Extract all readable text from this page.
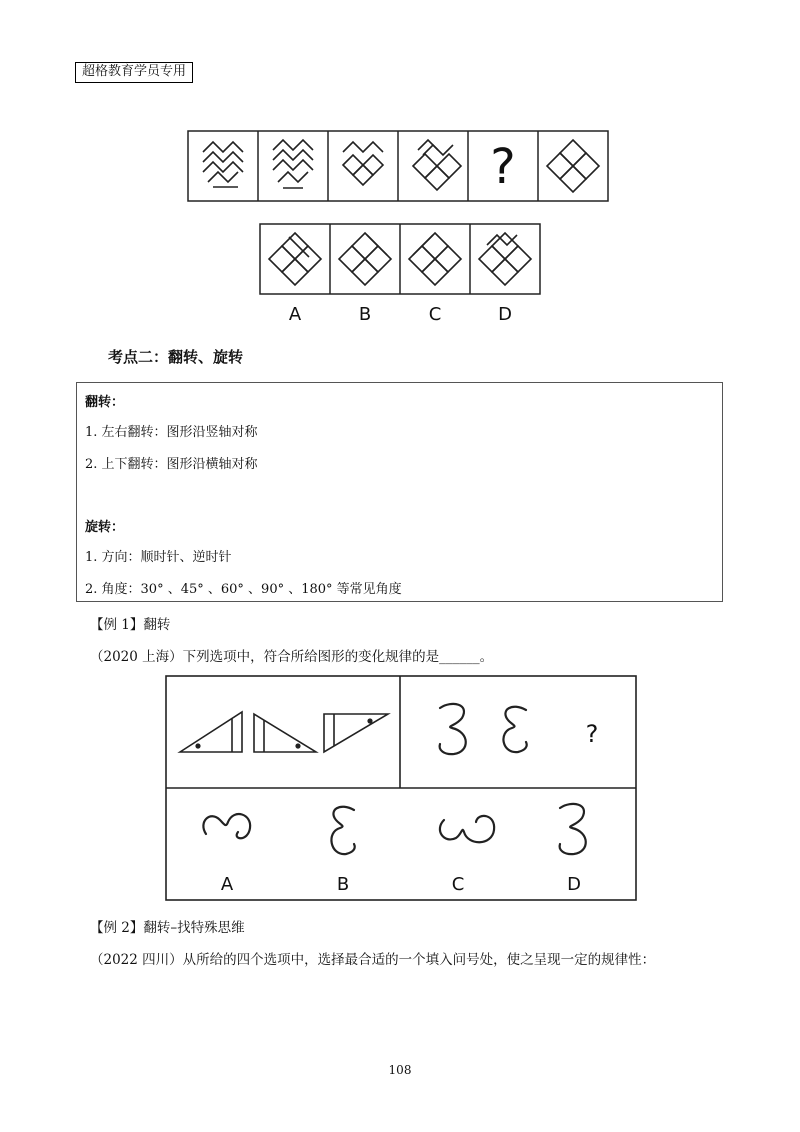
超格教育学员专用
?
A	B	C	D
考点二：翻转、旋转
翻转：
1. 左右翻转：图形沿竖轴对称
2. 上下翻转：图形沿横轴对称
旋转：
1. 方向：顺时针、逆时针
2. 角度：30° 、45° 、60° 、90° 、180° 等常见角度
【例 1】翻转
（2020 上海）下列选项中，符合所给图形的变化规律的是______。
?
A	B	C	D
【例 2】翻转–找特殊思维
（2022 四川）从所给的四个选项中，选择最合适的一个填入问号处，使之呈现一定的规律性：
108
